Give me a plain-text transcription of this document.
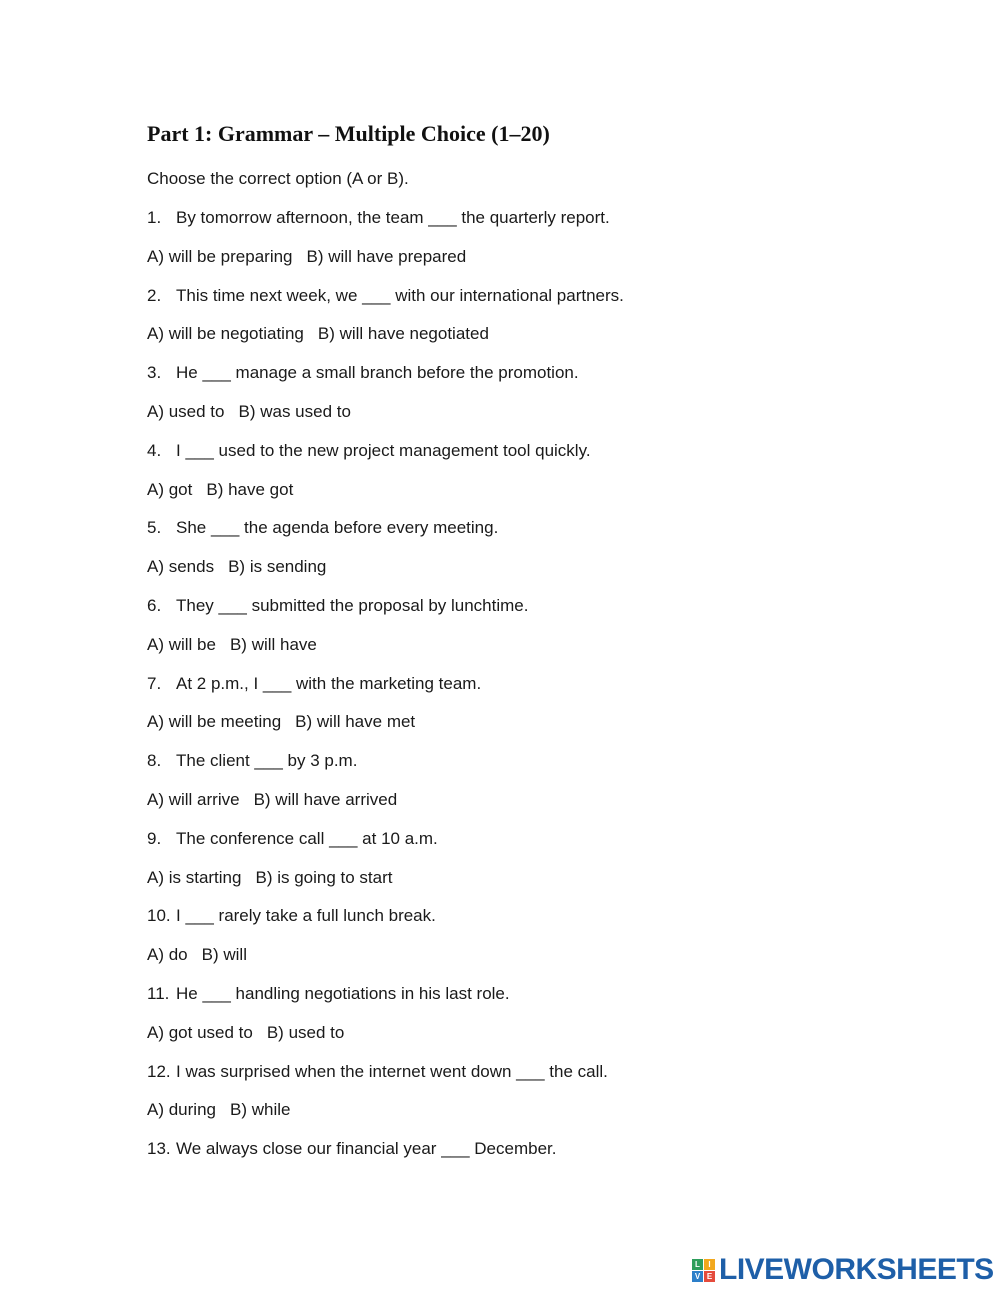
Part 1: Grammar – Multiple Choice (1–20)
Choose the correct option (A or B).
1. By tomorrow afternoon, the team ___ the quarterly report.
A) will be preparing B) will have prepared
2. This time next week, we ___ with our international partners.
A) will be negotiating B) will have negotiated
3. He ___ manage a small branch before the promotion.
A) used to B) was used to
4. I ___ used to the new project management tool quickly.
A) got B) have got
5. She ___ the agenda before every meeting.
A) sends B) is sending
6. They ___ submitted the proposal by lunchtime.
A) will be B) will have
7. At 2 p.m., I ___ with the marketing team.
A) will be meeting B) will have met
8. The client ___ by 3 p.m.
A) will arrive B) will have arrived
9. The conference call ___ at 10 a.m.
A) is starting B) is going to start
10. I ___ rarely take a full lunch break.
A) do B) will
11. He ___ handling negotiations in his last role.
A) got used to B) used to
12. I was surprised when the internet went down ___ the call.
A) during B) while
13. We always close our financial year ___ December.
L	I
V E LIVEWORKSHEETS
